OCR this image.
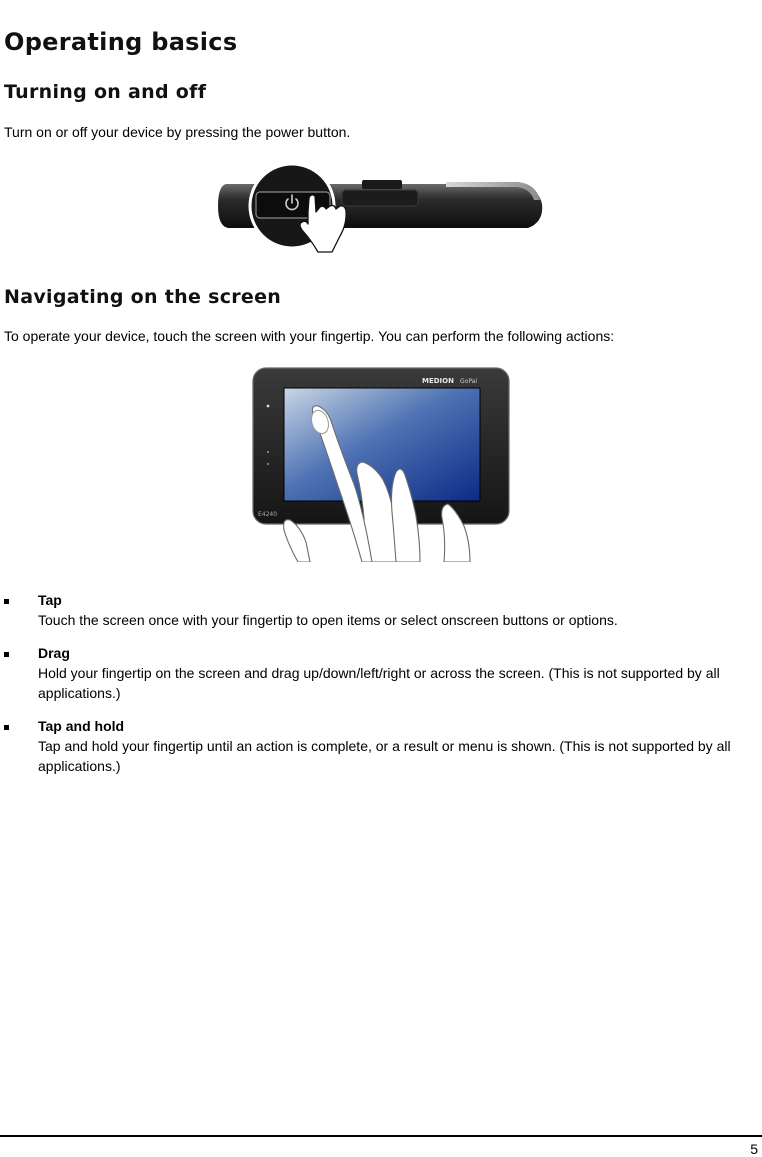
Operating basics
Turning on and off

Turn on or off your device by pressing the power button.

Navigating on the screen

To operate your device, touch the screen with your fingertip. You can perform the following actions:

MEDION GoPal
E4240
Tap
Touch the screen once with your fingertip to open items or select onscreen buttons or options.
Drag
Hold your fingertip on the screen and drag up/down/left/right or across the screen. (This is not supported by all applications.)
Tap and hold
Tap and hold your fingertip until an action is complete, or a result or menu is shown. (This is not supported by all applications.)
5
